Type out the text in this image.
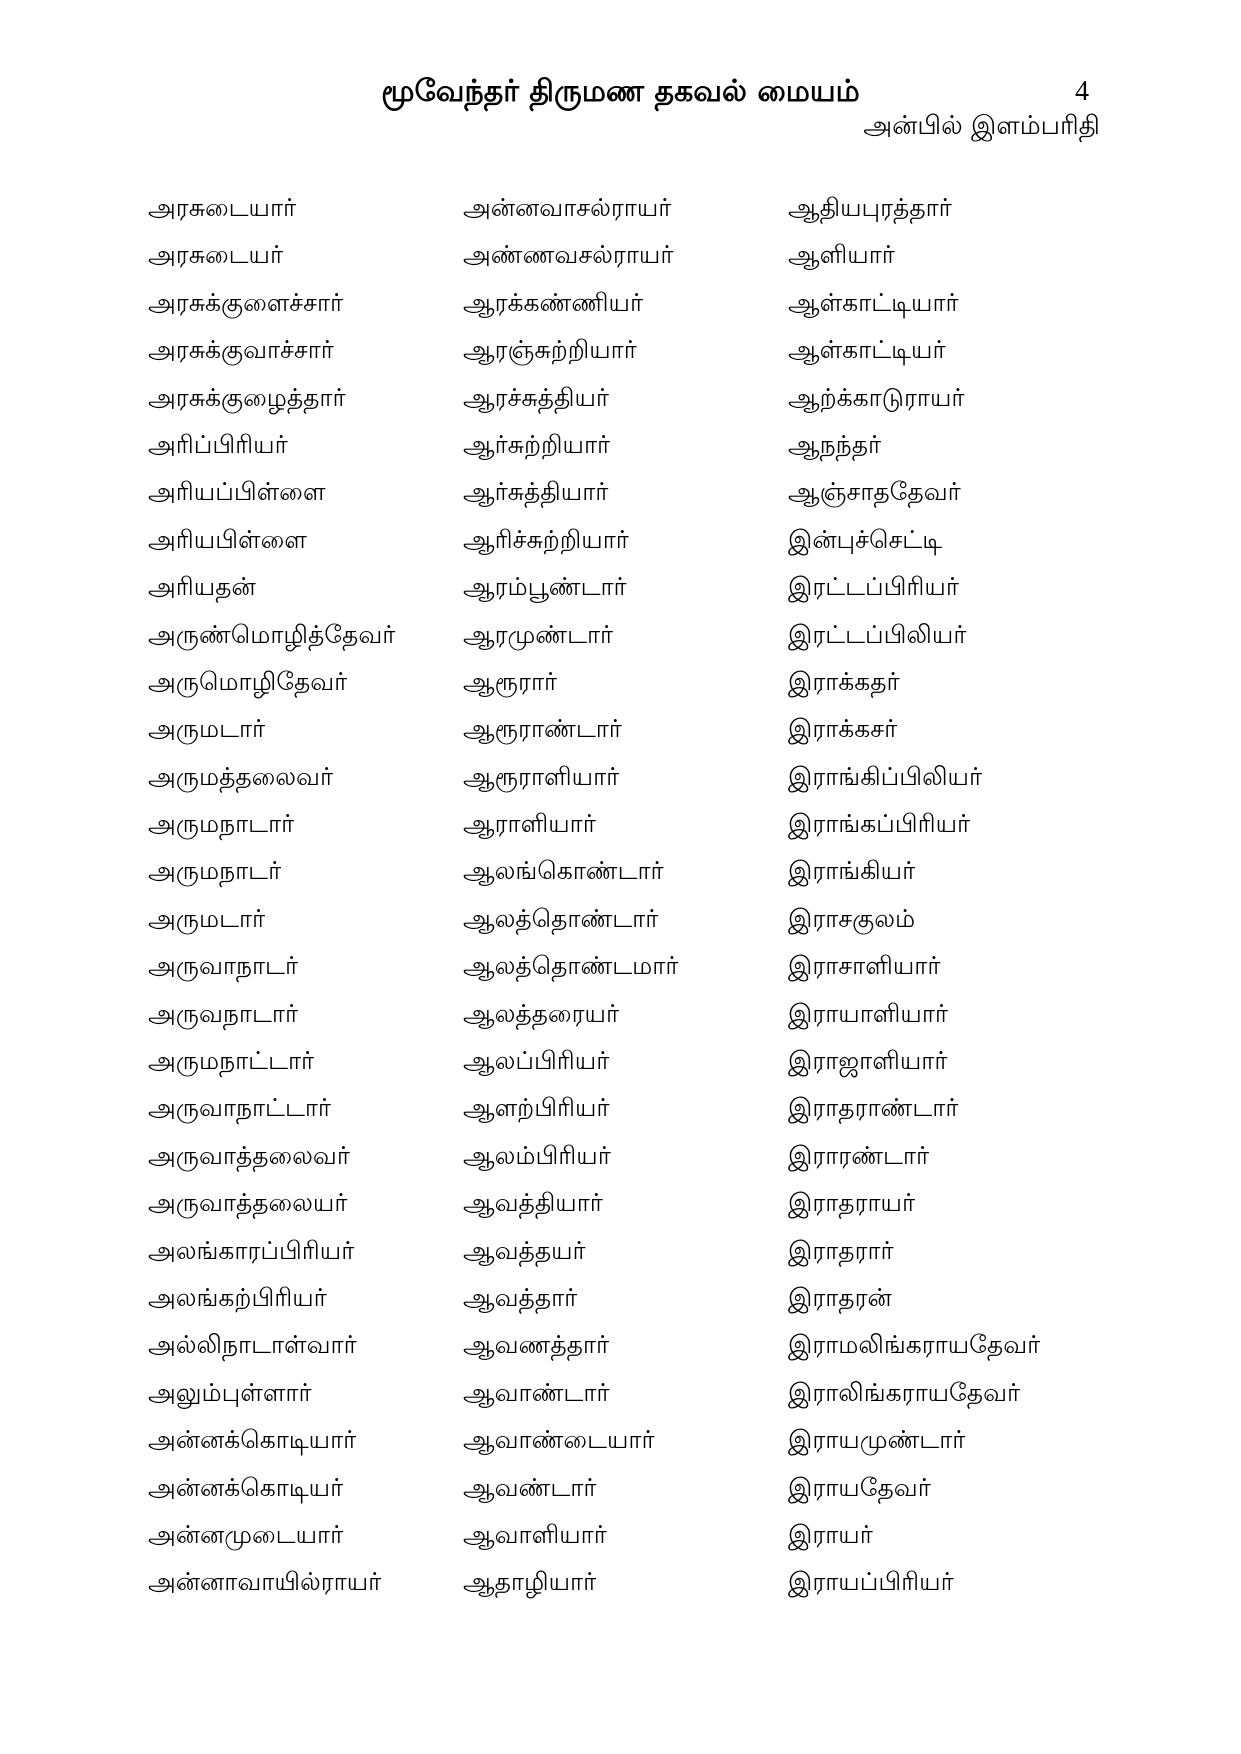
மூவேந்தர் திருமண தகவல் மையம்	4
அன்பில் இளம்பரிதி
அரசுடையார்
அரசுடையர்
அரசுக்குளைச்சார்
அரசுக்குவாச்சார்
அரசுக்குழைத்தார்
அரிப்பிரியர்
அரியப்பிள்ளை
அரியபிள்ளை
அரியதன்
அருண்மொழித்தேவர்
அருமொழிதேவர்
அருமடார்
அருமத்தலைவர்
அருமநாடார்
அருமநாடர்
அருமடார்
அருவாநாடர்
அருவநாடார்
அருமநாட்டார்
அருவாநாட்டார்
அருவாத்தலைவர்
அருவாத்தலையர்
அலங்காரப்பிரியர்
அலங்கற்பிரியர்
அல்லிநாடாள்வார்
அலும்புள்ளார்
அன்னக்கொடியார்
அன்னக்கொடியர்
அன்னமுடையார்
அன்னாவாயில்ராயர்
அன்னவாசல்ராயர்
அண்ணவசல்ராயர்
ஆரக்கண்ணியர்
ஆரஞ்சுற்றியார்
ஆரச்சுத்தியர்
ஆர்சுற்றியார்
ஆர்சுத்தியார்
ஆரிச்சுற்றியார்
ஆரம்பூண்டார்
ஆரமுண்டார்
ஆரூரார்
ஆரூராண்டார்
ஆரூராளியார்
ஆராளியார்
ஆலங்கொண்டார்
ஆலத்தொண்டார்
ஆலத்தொண்டமார்
ஆலத்தரையர்
ஆலப்பிரியர்
ஆளற்பிரியர்
ஆலம்பிரியர்
ஆவத்தியார்
ஆவத்தயர்
ஆவத்தார்
ஆவணத்தார்
ஆவாண்டார்
ஆவாண்டையார்
ஆவண்டார்
ஆவாளியார்
ஆதாழியார்
ஆதியபுரத்தார்
ஆளியார்
ஆள்காட்டியார்
ஆள்காட்டியர்
ஆற்க்காடுராயர்
ஆநந்தர்
ஆஞ்சாததேவர்
இன்புச்செட்டி
இரட்டப்பிரியர்
இரட்டப்பிலியர்
இராக்கதர்
இராக்கசர்
இராங்கிப்பிலியர்
இராங்கப்பிரியர்
இராங்கியர்
இராசகுலம்
இராசாளியார்
இராயாளியார்
இராஜாளியார்
இராதராண்டார்
இராரண்டார்
இராதராயர்
இராதரார்
இராதரன்
இராமலிங்கராயதேவர்
இராலிங்கராயதேவர்
இராயமுண்டார்
இராயதேவர்
இராயர்
இராயப்பிரியர்
